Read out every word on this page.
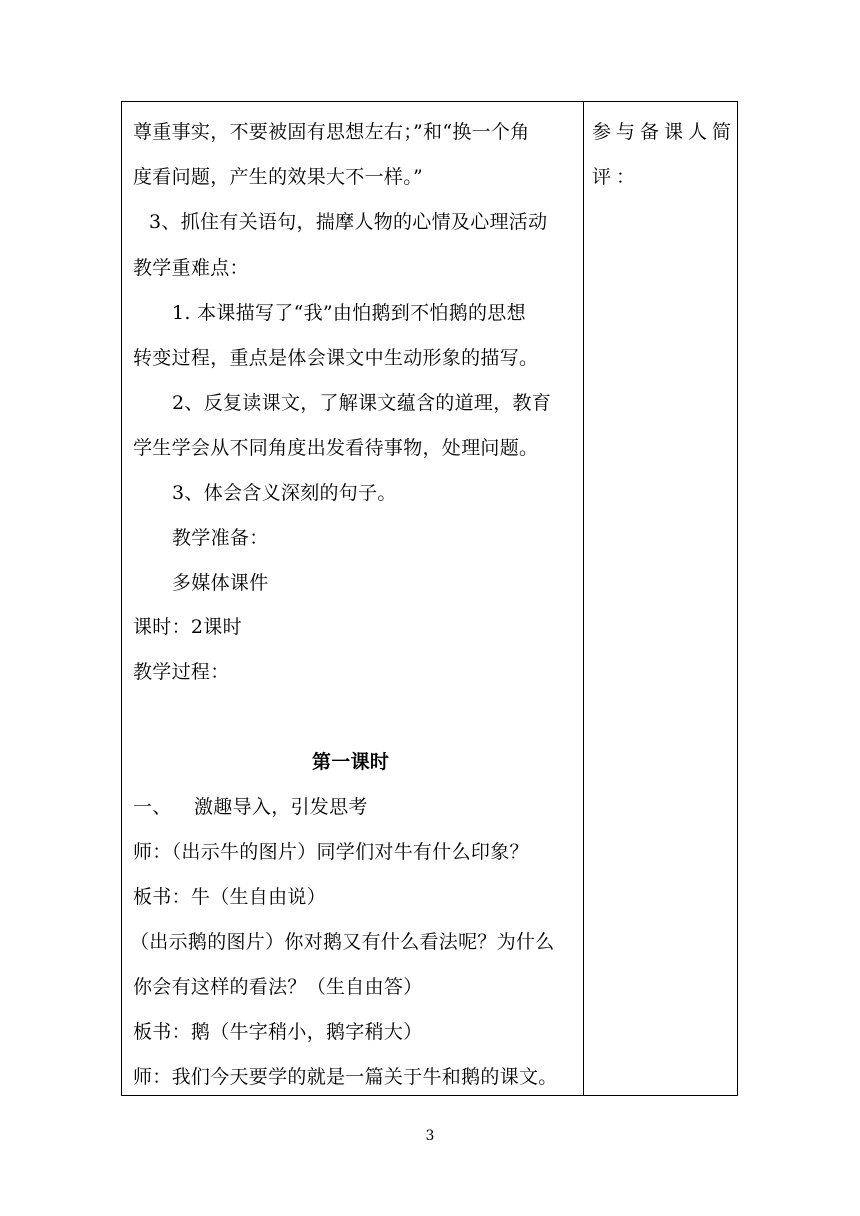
尊重事实，不要被固有思想左右；”和“换一个角
度看问题，产生的效果大不一样。”
3、抓住有关语句，揣摩人物的心情及心理活动
教学重难点：
1. 本课描写了“我”由怕鹅到不怕鹅的思想
转变过程，重点是体会课文中生动形象的描写。
2、反复读课文，了解课文蕴含的道理，教育
学生学会从不同角度出发看待事物，处理问题。
3、体会含义深刻的句子。
教学准备：
多媒体课件
课时：2课时
教学过程：
第一课时
一、 激趣导入，引发思考
师：（出示牛的图片）同学们对牛有什么印象？
板书：牛（生自由说）
（出示鹅的图片）你对鹅又有什么看法呢？为什么
你会有这样的看法？（生自由答）
板书：鹅（牛字稍小，鹅字稍大）
师：我们今天要学的就是一篇关于牛和鹅的课文。
参与备课人简
评：
3
